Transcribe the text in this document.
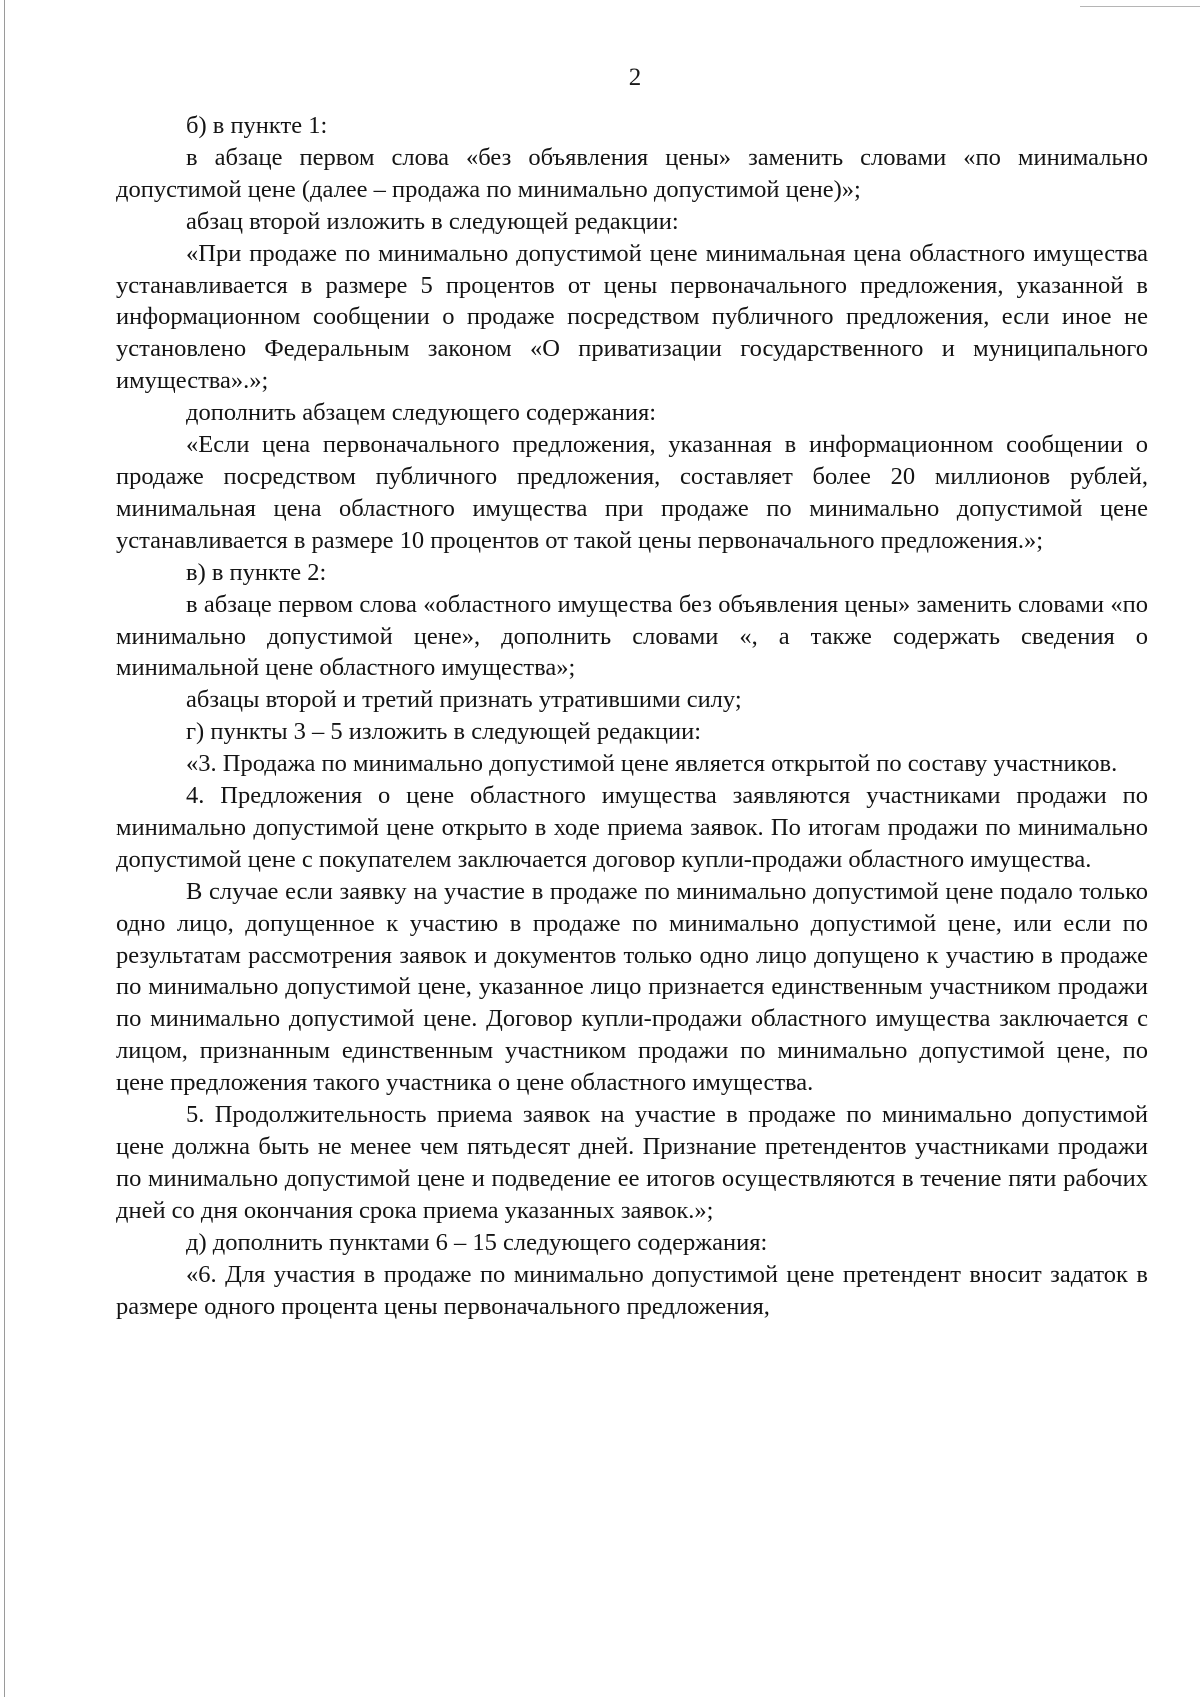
2

б) в пункте 1:

в абзаце первом слова «без объявления цены» заменить словами «по минимально допустимой цене (далее – продажа по минимально допустимой цене)»;

абзац второй изложить в следующей редакции:

«При продаже по минимально допустимой цене минимальная цена областного имущества устанавливается в размере 5 процентов от цены первоначального предложения, указанной в информационном сообщении о продаже посредством публичного предложения, если иное не установлено Федеральным законом «О приватизации государственного и муниципального имущества».»;

дополнить абзацем следующего содержания:

«Если цена первоначального предложения, указанная в информационном сообщении о продаже посредством публичного предложения, составляет более 20 миллионов рублей, минимальная цена областного имущества при продаже по минимально допустимой цене устанавливается в размере 10 процентов от такой цены первоначального предложения.»;

в) в пункте 2:

в абзаце первом слова «областного имущества без объявления цены» заменить словами «по минимально допустимой цене», дополнить словами «, а также содержать сведения о минимальной цене областного имущества»;

абзацы второй и третий признать утратившими силу;

г) пункты 3 – 5 изложить в следующей редакции:

«3. Продажа по минимально допустимой цене является открытой по составу участников.

4. Предложения о цене областного имущества заявляются участниками продажи по минимально допустимой цене открыто в ходе приема заявок. По итогам продажи по минимально допустимой цене с покупателем заключается договор купли-продажи областного имущества.

В случае если заявку на участие в продаже по минимально допустимой цене подало только одно лицо, допущенное к участию в продаже по минимально допустимой цене, или если по результатам рассмотрения заявок и документов только одно лицо допущено к участию в продаже по минимально допустимой цене, указанное лицо признается единственным участником продажи по минимально допустимой цене. Договор купли-продажи областного имущества заключается с лицом, признанным единственным участником продажи по минимально допустимой цене, по цене предложения такого участника о цене областного имущества.

5. Продолжительность приема заявок на участие в продаже по минимально допустимой цене должна быть не менее чем пятьдесят дней. Признание претендентов участниками продажи по минимально допустимой цене и подведение ее итогов осуществляются в течение пяти рабочих дней со дня окончания срока приема указанных заявок.»;

д) дополнить пунктами 6 – 15 следующего содержания:

«6. Для участия в продаже по минимально допустимой цене претендент вносит задаток в размере одного процента цены первоначального предложения,
